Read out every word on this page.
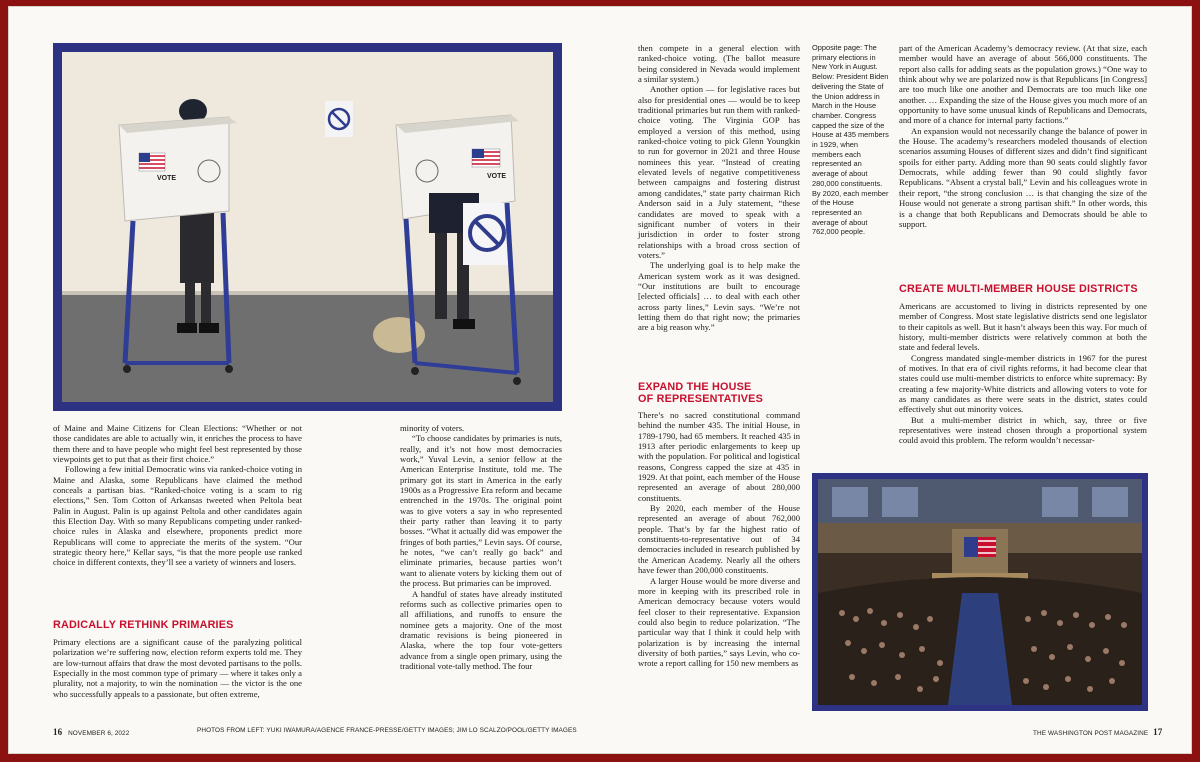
VOTE	VOTE

of Maine and Maine Citizens for Clean Elections: “Whether or not those candidates are able to actually win, it enriches the process to have them there and to have people who might feel best represented by those viewpoints get to put that as their first choice.”

Following a few initial Democratic wins via ranked-choice voting in Maine and Alaska, some Republicans have claimed the method conceals a partisan bias. “Ranked-choice voting is a scam to rig elections,” Sen. Tom Cotton of Arkansas tweeted when Peltola beat Palin in August. Palin is up against Peltola and other candidates again this Election Day. With so many Republicans competing under ranked-choice rules in Alaska and elsewhere, proponents predict more Republicans will come to appreciate the merits of the system. “Our strategic theory here,” Kellar says, “is that the more people use ranked choice in different contexts, they’ll see a variety of winners and losers.

RADICALLY RETHINK PRIMARIES

Primary elections are a significant cause of the paralyzing political polarization we’re suffering now, election reform experts told me. They are low-turnout affairs that draw the most devoted partisans to the polls. Especially in the most common type of primary — where it takes only a plurality, not a majority, to win the nomination — the victor is the one who successfully appeals to a passionate, but often extreme,

minority of voters.

“To choose candidates by primaries is nuts, really, and it’s not how most democracies work,” Yuval Levin, a senior fellow at the American Enterprise Institute, told me. The primary got its start in America in the early 1900s as a Progressive Era reform and became entrenched in the 1970s. The original point was to give voters a say in who represented their party rather than leaving it to party bosses. “What it actually did was empower the fringes of both parties,” Levin says. Of course, he notes, “we can’t really go back” and eliminate primaries, because parties won’t want to alienate voters by kicking them out of the process. But primaries can be improved.

A handful of states have already instituted reforms such as collective primaries open to all affiliations, and runoffs to ensure the nominee gets a majority. One of the most dramatic revisions is being pioneered in Alaska, where the top four vote-getters advance from a single open primary, using the traditional vote-tally method. The four

16 NOVEMBER 6, 2022	PHOTOS FROM LEFT: YUKI IWAMURA/AGENCE FRANCE-PRESSE/GETTY IMAGES; JIM LO SCALZO/POOL/GETTY IMAGES

then compete in a general election with ranked-choice voting. (The ballot measure being considered in Nevada would implement a similar system.)

Another option — for legislative races but also for presidential ones — would be to keep traditional primaries but run them with ranked-choice voting. The Virginia GOP has employed a version of this method, using ranked-choice voting to pick Glenn Youngkin to run for governor in 2021 and three House nominees this year. “Instead of creating elevated levels of negative competitiveness between campaigns and fostering distrust among candidates,” state party chairman Rich Anderson said in a July statement, “these candidates are moved to speak with a significant number of voters in their jurisdiction in order to foster strong relationships with a broad cross section of voters.”

The underlying goal is to help make the American system work as it was designed. “Our institutions are built to encourage [elected officials] … to deal with each other across party lines,” Levin says. “We’re not letting them do that right now; the primaries are a big reason why.”

EXPAND THE HOUSE
OF REPRESENTATIVES

There’s no sacred constitutional command behind the number 435. The initial House, in 1789-1790, had 65 members. It reached 435 in 1913 after periodic enlargements to keep up with the population. For political and logistical reasons, Congress capped the size at 435 in 1929. At that point, each member of the House represented an average of about 280,000 constituents.

By 2020, each member of the House represented an average of about 762,000 people. That’s by far the highest ratio of constituents-to-representative out of 34 democracies included in research published by the American Academy. Nearly all the others have fewer than 200,000 constituents.

A larger House would be more diverse and more in keeping with its prescribed role in American democracy because voters would feel closer to their representative. Expansion could also begin to reduce polarization. “The particular way that I think it could help with polarization is by increasing the internal diversity of both parties,” says Levin, who co-wrote a report calling for 150 new members as

Opposite page: The primary elections in New York in August. Below: President Biden delivering the State of the Union address in March in the House chamber. Congress capped the size of the House at 435 members in 1929, when members each represented an average of about 280,000 constituents. By 2020, each member of the House represented an average of about 762,000 people.

part of the American Academy’s democracy review. (At that size, each member would have an average of about 566,000 constituents. The report also calls for adding seats as the population grows.) “One way to think about why we are polarized now is that Republicans [in Congress] are too much like one another and Democrats are too much like one another. … Expanding the size of the House gives you much more of an opportunity to have some unusual kinds of Republicans and Democrats, and more of a chance for internal party factions.”

An expansion would not necessarily change the balance of power in the House. The academy’s researchers modeled thousands of election scenarios assuming Houses of different sizes and didn’t find significant spoils for either party. Adding more than 90 seats could slightly favor Democrats, while adding fewer than 90 could slightly favor Republicans. “Absent a crystal ball,” Levin and his colleagues wrote in their report, “the strong conclusion … is that changing the size of the House would not generate a strong partisan shift.” In other words, this is a change that both Republicans and Democrats should be able to support.

CREATE MULTI-MEMBER HOUSE DISTRICTS

Americans are accustomed to living in districts represented by one member of Congress. Most state legislative districts send one legislator to their capitols as well. But it hasn’t always been this way. For much of history, multi-member districts were relatively common at both the state and federal levels.

Congress mandated single-member districts in 1967 for the purest of motives. In that era of civil rights reforms, it had become clear that states could use multi-member districts to enforce white supremacy: By creating a few majority-White districts and allowing voters to vote for as many candidates as there were seats in the district, states could effectively shut out minority voices.

But a multi-member district in which, say, three or five representatives were instead chosen through a proportional system could avoid this problem. The reform wouldn’t necessar-

THE WASHINGTON POST MAGAZINE 17
